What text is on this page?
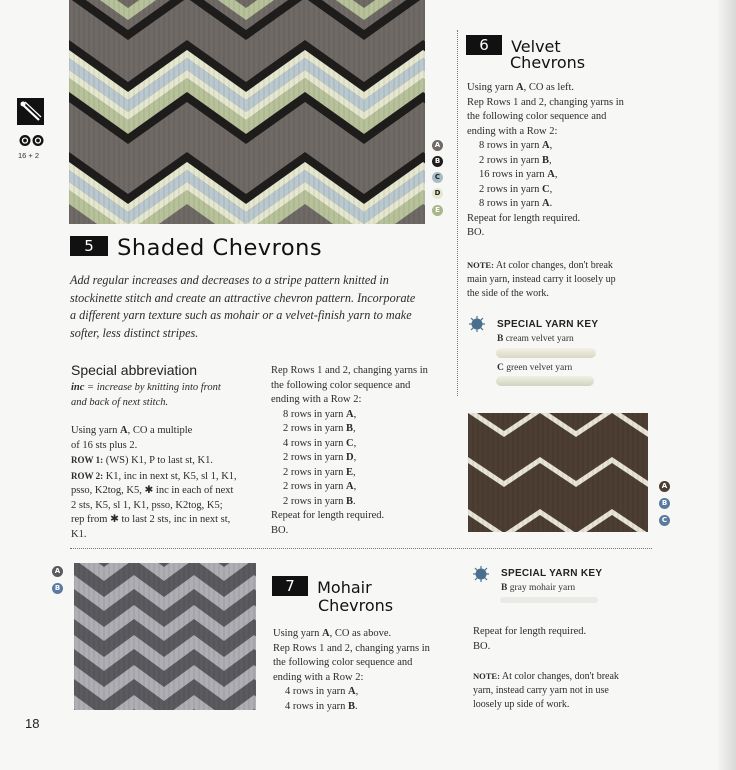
16 + 2
A
B
C
D
E
5 Shaded Chevrons
Add regular increases and decreases to a stripe pattern knitted in
stockinette stitch and create an attractive chevron pattern. Incorporate
a different yarn texture such as mohair or a velvet-finish yarn to make
softer, less distinct stripes.
Special abbreviation
inc = increase by knitting into front
and back of next stitch.
Using yarn A, CO a multiple
of 16 sts plus 2.
ROW 1: (WS) K1, P to last st, K1.
ROW 2: K1, inc in next st, K5, sl 1, K1,
psso, K2tog, K5, ✱ inc in each of next
2 sts, K5, sl 1, K1, psso, K2tog, K5;
rep from ✱ to last 2 sts, inc in next st,
K1.
Rep Rows 1 and 2, changing yarns in
the following color sequence and
ending with a Row 2:
8 rows in yarn A,
2 rows in yarn B,
4 rows in yarn C,
2 rows in yarn D,
2 rows in yarn E,
2 rows in yarn A,
2 rows in yarn B.
Repeat for length required.
BO.
6 Velvet
Chevrons
Using yarn A, CO as left.
Rep Rows 1 and 2, changing yarns in
the following color sequence and
ending with a Row 2:
8 rows in yarn A,
2 rows in yarn B,
16 rows in yarn A,
2 rows in yarn C,
8 rows in yarn A.
Repeat for length required.
BO.
NOTE: At color changes, don't break
main yarn, instead carry it loosely up
the side of the work.
SPECIAL YARN KEY
B cream velvet yarn
C green velvet yarn
A
B
C
A
B	7 Mohair
Chevrons
Using yarn A, CO as above.
Rep Rows 1 and 2, changing yarns in
the following color sequence and
ending with a Row 2:
4 rows in yarn A,
4 rows in yarn B.
SPECIAL YARN KEY
B gray mohair yarn
Repeat for length required.
BO.
NOTE: At color changes, don't break
yarn, instead carry yarn not in use
loosely up side of work.
18
